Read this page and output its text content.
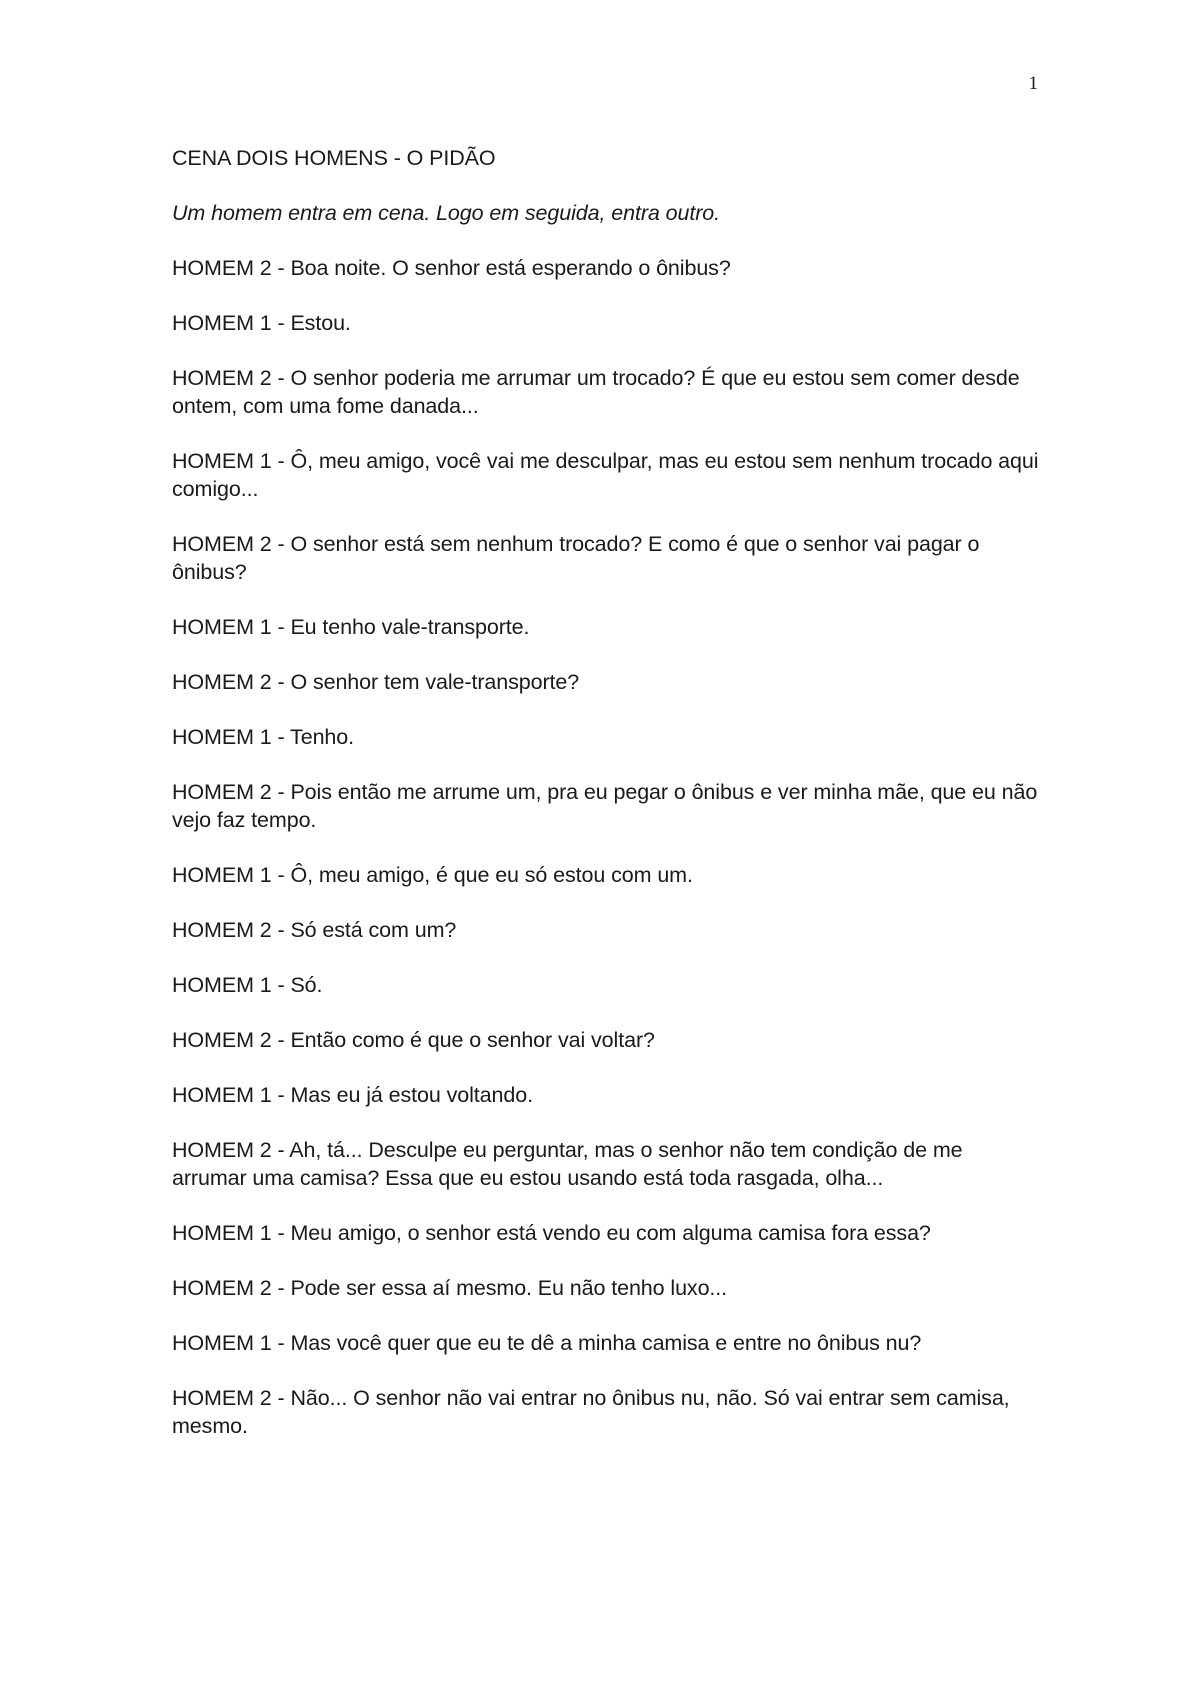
1

CENA DOIS HOMENS - O PIDÃO

Um homem entra em cena. Logo em seguida, entra outro.

HOMEM 2 - Boa noite. O senhor está esperando o ônibus?

HOMEM 1 - Estou.

HOMEM 2 - O senhor poderia me arrumar um trocado? É que eu estou sem comer desde ontem, com uma fome danada...

HOMEM 1 - Ô, meu amigo, você vai me desculpar, mas eu estou sem nenhum trocado aqui comigo...

HOMEM 2 - O senhor está sem nenhum trocado? E como é que o senhor vai pagar o ônibus?

HOMEM 1 - Eu tenho vale-transporte.

HOMEM 2 - O senhor tem vale-transporte?

HOMEM 1 - Tenho.

HOMEM 2 - Pois então me arrume um, pra eu pegar o ônibus e ver minha mãe, que eu não vejo faz tempo.

HOMEM 1 - Ô, meu amigo, é que eu só estou com um.

HOMEM 2 - Só está com um?

HOMEM 1 - Só.

HOMEM 2 - Então como é que o senhor vai voltar?

HOMEM 1 - Mas eu já estou voltando.

HOMEM 2 - Ah, tá... Desculpe eu perguntar, mas o senhor não tem condição de me arrumar uma camisa? Essa que eu estou usando está toda rasgada, olha...

HOMEM 1 - Meu amigo, o senhor está vendo eu com alguma camisa fora essa?

HOMEM 2 - Pode ser essa aí mesmo. Eu não tenho luxo...

HOMEM 1 - Mas você quer que eu te dê a minha camisa e entre no ônibus nu?

HOMEM 2 - Não... O senhor não vai entrar no ônibus nu, não. Só vai entrar sem camisa, mesmo.
